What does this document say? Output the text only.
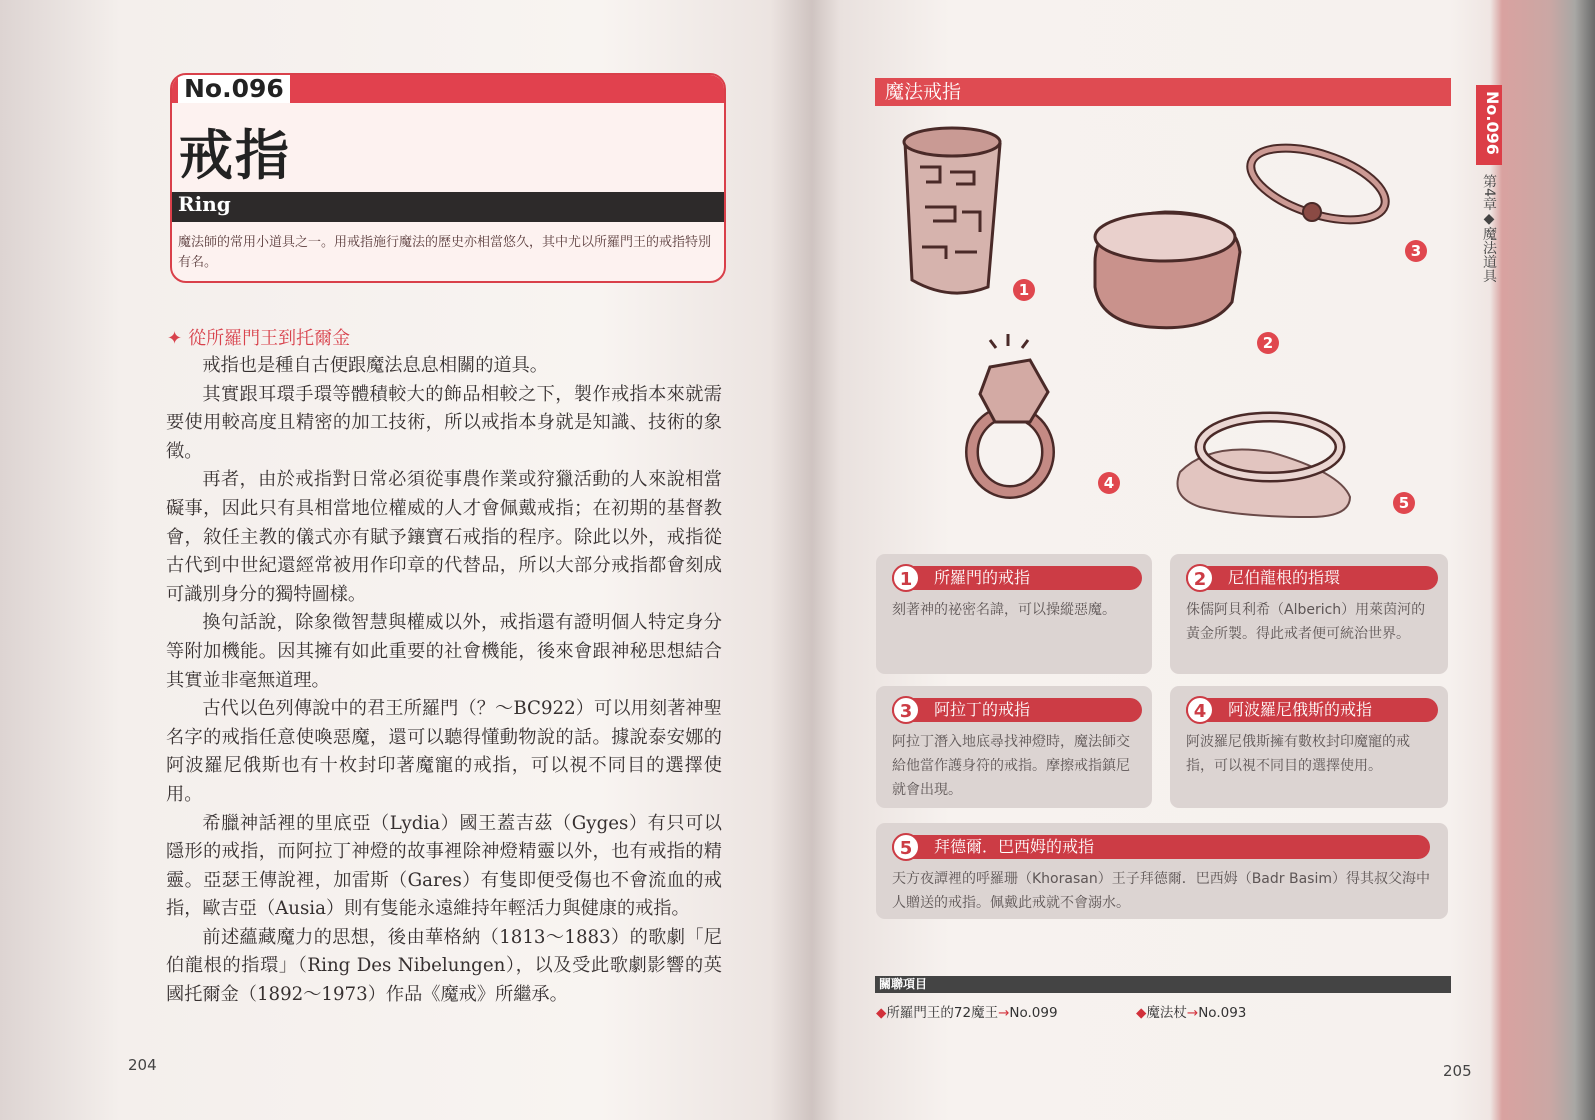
No.096
戒指
Ring
魔法師的常用小道具之一。用戒指施行魔法的歷史亦相當悠久，其中尤以所羅門王的戒指特別有名。
✦ 從所羅門王到托爾金

戒指也是種自古便跟魔法息息相關的道具。

其實跟耳環手環等體積較大的飾品相較之下，製作戒指本來就需要使用較高度且精密的加工技術，所以戒指本身就是知識、技術的象徵。

再者，由於戒指對日常必須從事農作業或狩獵活動的人來說相當礙事，因此只有具相當地位權威的人才會佩戴戒指；在初期的基督教會，敘任主教的儀式亦有賦予鑲寶石戒指的程序。除此以外，戒指從古代到中世紀還經常被用作印章的代替品，所以大部分戒指都會刻成可識別身分的獨特圖樣。

換句話說，除象徵智慧與權威以外，戒指還有證明個人特定身分等附加機能。因其擁有如此重要的社會機能，後來會跟神秘思想結合其實並非毫無道理。

古代以色列傳說中的君王所羅門（？～BC922）可以用刻著神聖名字的戒指任意使喚惡魔，還可以聽得懂動物說的話。據說泰安娜的阿波羅尼俄斯也有十枚封印著魔寵的戒指，可以視不同目的選擇使用。

希臘神話裡的里底亞（Lydia）國王蓋吉茲（Gyges）有只可以隱形的戒指，而阿拉丁神燈的故事裡除神燈精靈以外，也有戒指的精靈。亞瑟王傳說裡，加雷斯（Gares）有隻即便受傷也不會流血的戒指，歐吉亞（Ausia）則有隻能永遠維持年輕活力與健康的戒指。

前述蘊藏魔力的思想，後由華格納（1813～1883）的歌劇「尼伯龍根的指環」（Ring Des Nibelungen），以及受此歌劇影響的英國托爾金（1892～1973）作品《魔戒》所繼承。

204
魔法戒指	No.096
第4章◆魔法道具
1
2
3
4
5
所羅門的戒指
1
刻著神的祕密名諱，可以操縱惡魔。
尼伯龍根的指環
2
侏儒阿貝利希（Alberich）用萊茵河的黃金所製。得此戒者便可統治世界。
阿拉丁的戒指
3
阿拉丁潛入地底尋找神燈時，魔法師交給他當作護身符的戒指。摩擦戒指鎮尼就會出現。
阿波羅尼俄斯的戒指
4
阿波羅尼俄斯擁有數枚封印魔寵的戒指，可以視不同目的選擇使用。
拜德爾．巴西姆的戒指
5
天方夜譚裡的呼羅珊（Khorasan）王子拜德爾．巴西姆（Badr Basim）得其叔父海中人贈送的戒指。佩戴此戒就不會溺水。
關聯項目
◆所羅門王的72魔王→No.099	◆魔法杖→No.093
205
